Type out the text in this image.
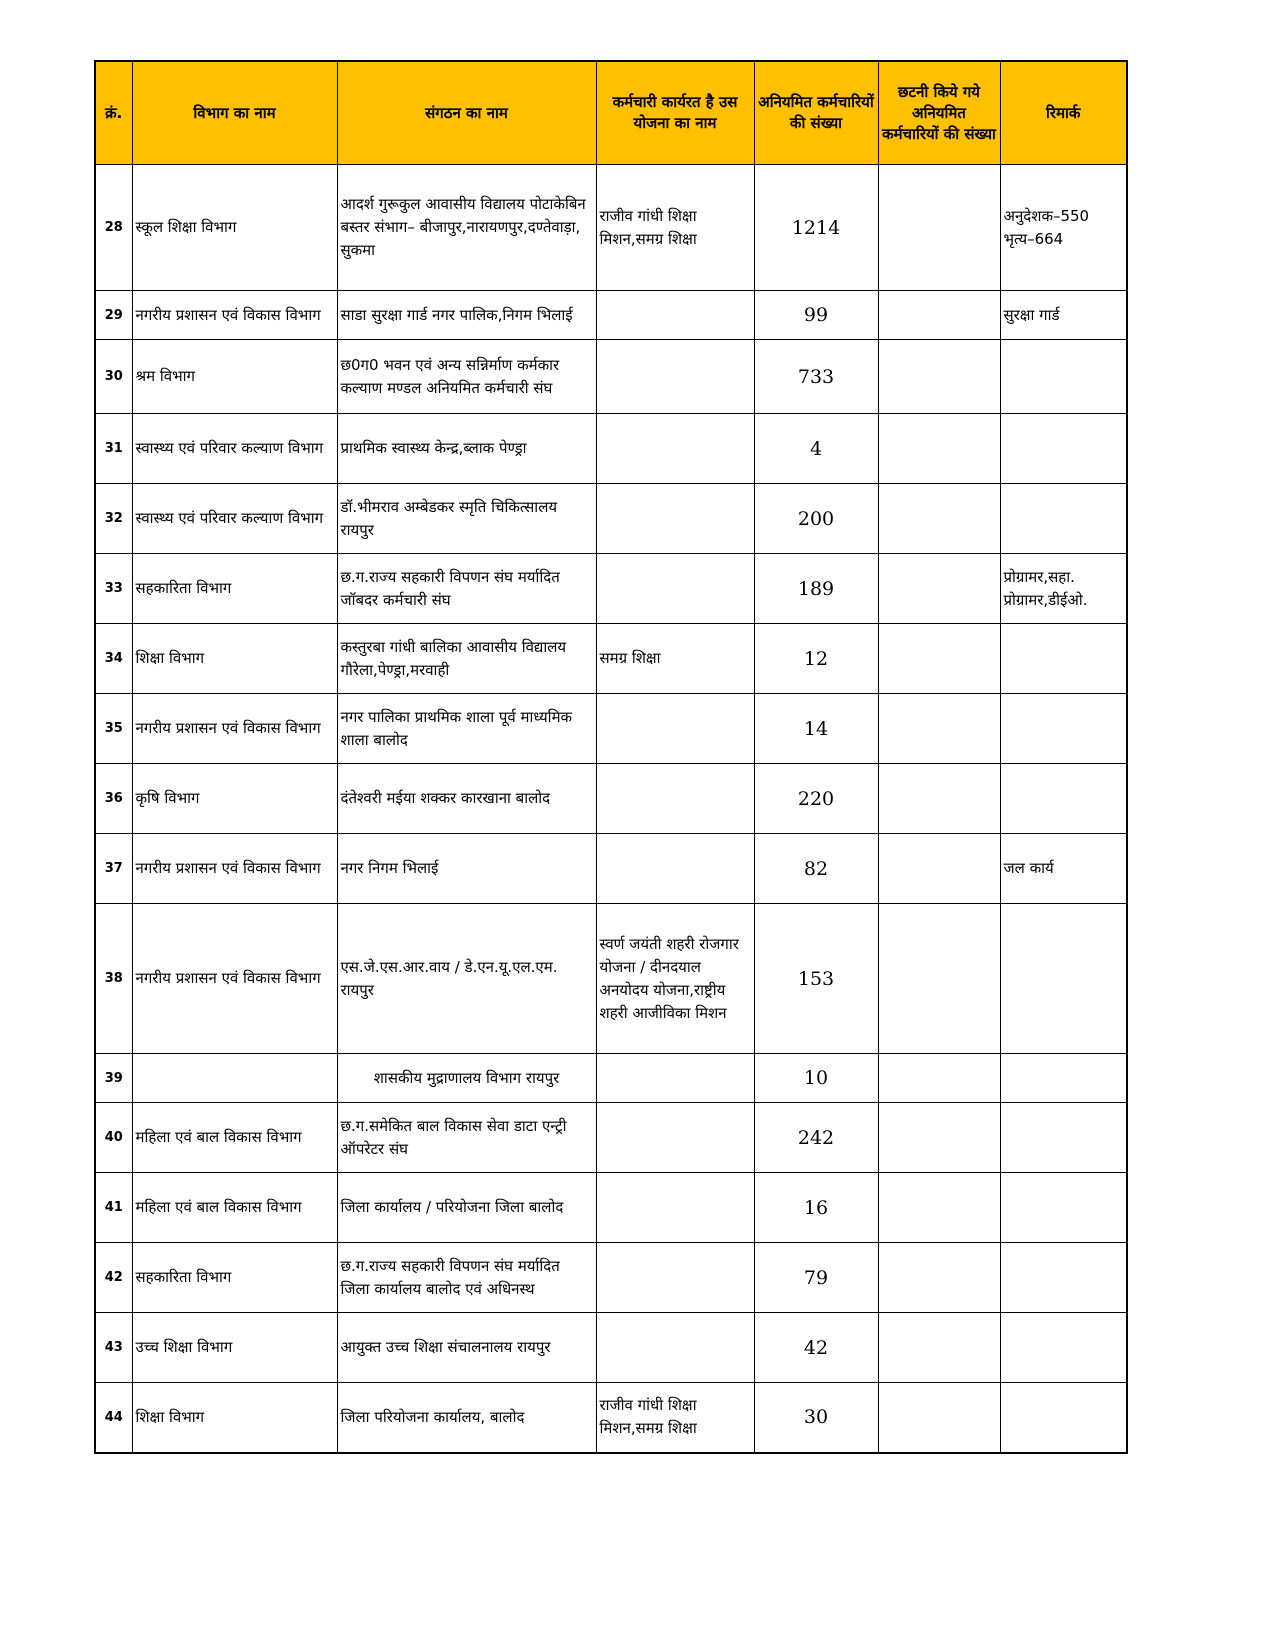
क्रं.	विभाग का नाम	संगठन का नाम	कर्मचारी कार्यरत है उस योजना का नाम	अनियमित कर्मचारियों की संख्या	छटनी किये गये अनियमित कर्मचारियों की संख्या	रिमार्क
28	स्कूल शिक्षा विभाग	आदर्श गुरूकुल आवासीय विद्यालय पोटाकेबिन बस्तर संभाग– बीजापुर,नारायणपुर,दण्तेवाड़ा, सुकमा	राजीव गांधी शिक्षा मिशन,समग्र शिक्षा	1214		अनुदेशक–550 भृत्य–664
29	नगरीय प्रशासन एवं विकास विभाग	साडा सुरक्षा गार्ड नगर पालिक,निगम भिलाई		99		सुरक्षा गार्ड
30	श्रम विभाग	छ0ग0 भवन एवं अन्य सन्निर्माण कर्मकार कल्याण मण्डल अनियमित कर्मचारी संघ		733		
31	स्वास्थ्य एवं परिवार कल्याण विभाग	प्राथमिक स्वास्थ्य केन्द्र,ब्लाक पेण्ड्रा		4		
32	स्वास्थ्य एवं परिवार कल्याण विभाग	डॉ.भीमराव अम्बेडकर स्मृति चिकित्सालय रायपुर		200		
33	सहकारिता विभाग	छ.ग.राज्य सहकारी विपणन संघ मर्यादित जॉबदर कर्मचारी संघ		189		प्रोग्रामर,सहा. प्रोग्रामर,डीईओ.
34	शिक्षा विभाग	कस्तुरबा गांधी बालिका आवासीय विद्यालय गौरेला,पेण्ड्रा,मरवाही	समग्र शिक्षा	12		
35	नगरीय प्रशासन एवं विकास विभाग	नगर पालिका प्राथमिक शाला पूर्व माध्यमिक शाला बालोद		14		
36	कृषि विभाग	दंतेश्वरी मईया शक्कर कारखाना बालोद		220		
37	नगरीय प्रशासन एवं विकास विभाग	नगर निगम भिलाई		82		जल कार्य
38	नगरीय प्रशासन एवं विकास विभाग	एस.जे.एस.आर.वाय / डे.एन.यू.एल.एम. रायपुर	स्वर्ण जयंती शहरी रोजगार योजना / दीनदयाल अनयोदय योजना,राष्ट्रीय शहरी आजीविका मिशन	153		
39		शासकीय मुद्राणालय विभाग रायपुर		10		
40	महिला एवं बाल विकास विभाग	छ.ग.समेकित बाल विकास सेवा डाटा एन्ट्री ऑपरेटर संघ		242		
41	महिला एवं बाल विकास विभाग	जिला कार्यालय / परियोजना जिला बालोद		16		
42	सहकारिता विभाग	छ.ग.राज्य सहकारी विपणन संघ मर्यादित जिला कार्यालय बालोद एवं अधिनस्थ		79		
43	उच्च शिक्षा विभाग	आयुक्त उच्च शिक्षा संचालनालय रायपुर		42		
44	शिक्षा विभाग	जिला परियोजना कार्यालय, बालोद	राजीव गांधी शिक्षा मिशन,समग्र शिक्षा	30		
